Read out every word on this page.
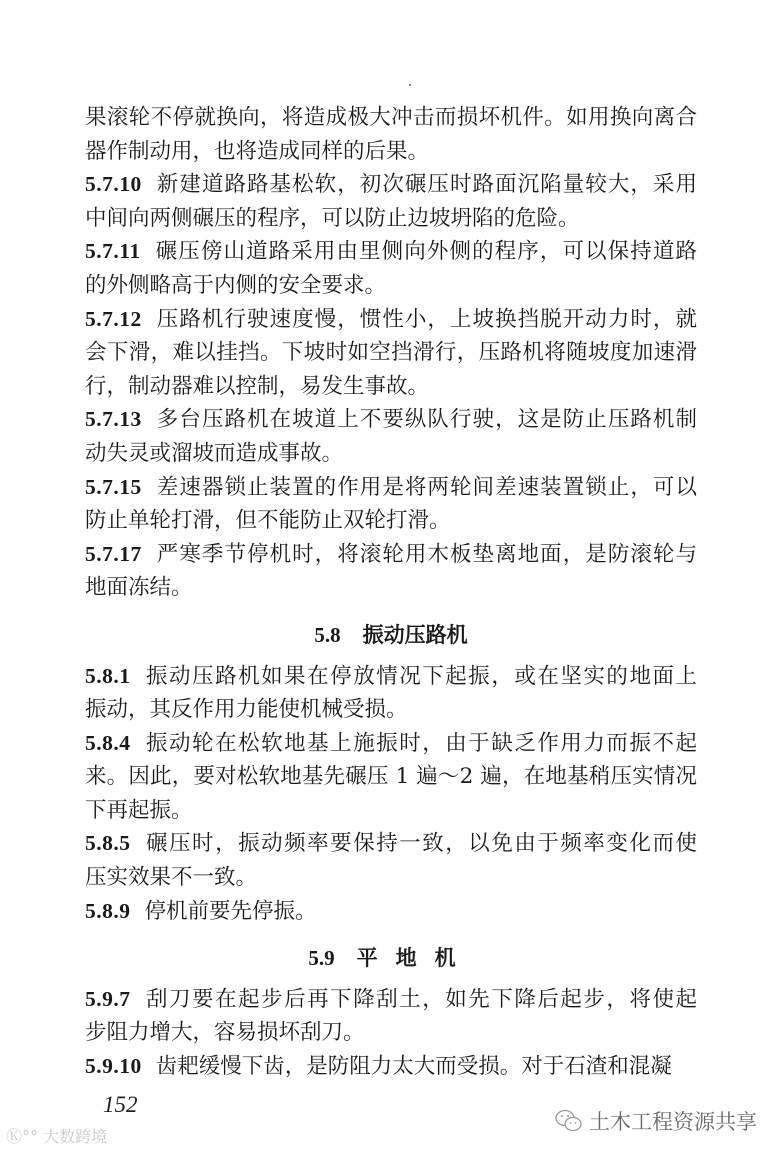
果滚轮不停就换向，将造成极大冲击而损坏机件。如用换向离合
器作制动用，也将造成同样的后果。
5.7.10 新建道路路基松软，初次碾压时路面沉陷量较大，采用
中间向两侧碾压的程序，可以防止边坡坍陷的危险。
5.7.11 碾压傍山道路采用由里侧向外侧的程序，可以保持道路
的外侧略高于内侧的安全要求。
5.7.12 压路机行驶速度慢，惯性小，上坡换挡脱开动力时，就
会下滑，难以挂挡。下坡时如空挡滑行，压路机将随坡度加速滑
行，制动器难以控制，易发生事故。
5.7.13 多台压路机在坡道上不要纵队行驶，这是防止压路机制
动失灵或溜坡而造成事故。
5.7.15 差速器锁止装置的作用是将两轮间差速装置锁止，可以
防止单轮打滑，但不能防止双轮打滑。
5.7.17 严寒季节停机时，将滚轮用木板垫离地面，是防滚轮与
地面冻结。
5.8 振动压路机
5.8.1 振动压路机如果在停放情况下起振，或在坚实的地面上
振动，其反作用力能使机械受损。
5.8.4 振动轮在松软地基上施振时，由于缺乏作用力而振不起
来。因此，要对松软地基先碾压 1 遍～2 遍，在地基稍压实情况
下再起振。
5.8.5 碾压时，振动频率要保持一致，以免由于频率变化而使
压实效果不一致。
5.8.9 停机前要先停振。
5.9 平地机
5.9.7 刮刀要在起步后再下降刮土，如先下降后起步，将使起
步阻力增大，容易损坏刮刀。
5.9.10 齿耙缓慢下齿，是防阻力太大而受损。对于石渣和混凝
152
Ⓚ°° 大数跨境
土木工程资源共享
